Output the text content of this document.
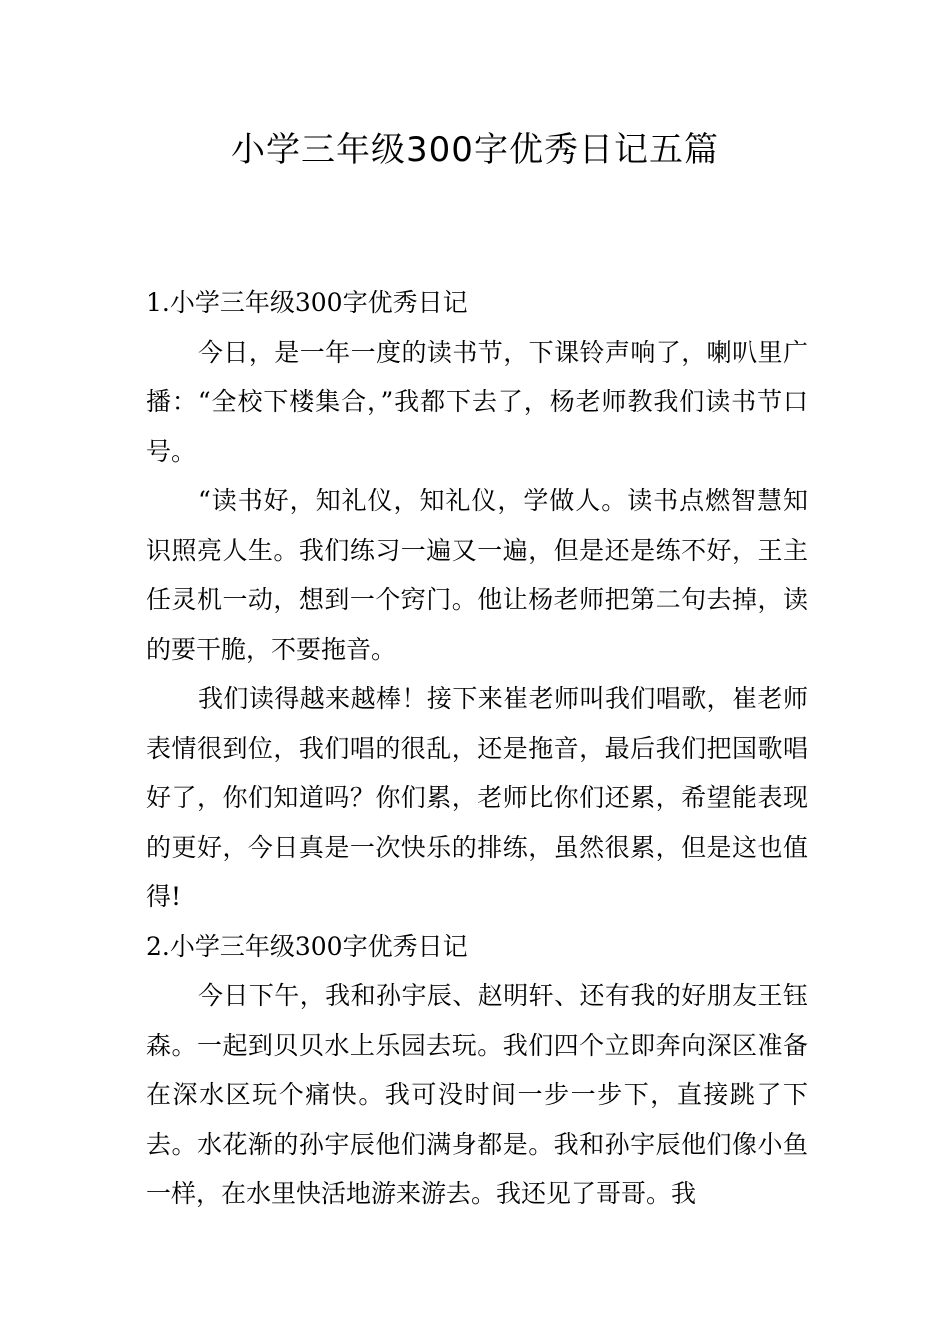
小学三年级300字优秀日记五篇

1.小学三年级300字优秀日记

今日，是一年一度的读书节，下课铃声响了，喇叭里广播：“全校下楼集合，”我都下去了，杨老师教我们读书节口号。

“读书好，知礼仪，知礼仪，学做人。读书点燃智慧知识照亮人生。我们练习一遍又一遍，但是还是练不好，王主任灵机一动，想到一个窍门。他让杨老师把第二句去掉，读的要干脆，不要拖音。

我们读得越来越棒！接下来崔老师叫我们唱歌，崔老师表情很到位，我们唱的很乱，还是拖音，最后我们把国歌唱好了，你们知道吗？你们累，老师比你们还累，希望能表现的更好，今日真是一次快乐的排练，虽然很累，但是这也值得!

2.小学三年级300字优秀日记

今日下午，我和孙宇辰、赵明轩、还有我的好朋友王钰森。一起到贝贝水上乐园去玩。我们四个立即奔向深区准备在深水区玩个痛快。我可没时间一步一步下，直接跳了下去。水花渐的孙宇辰他们满身都是。我和孙宇辰他们像小鱼一样，在水里快活地游来游去。我还见了哥哥。我
